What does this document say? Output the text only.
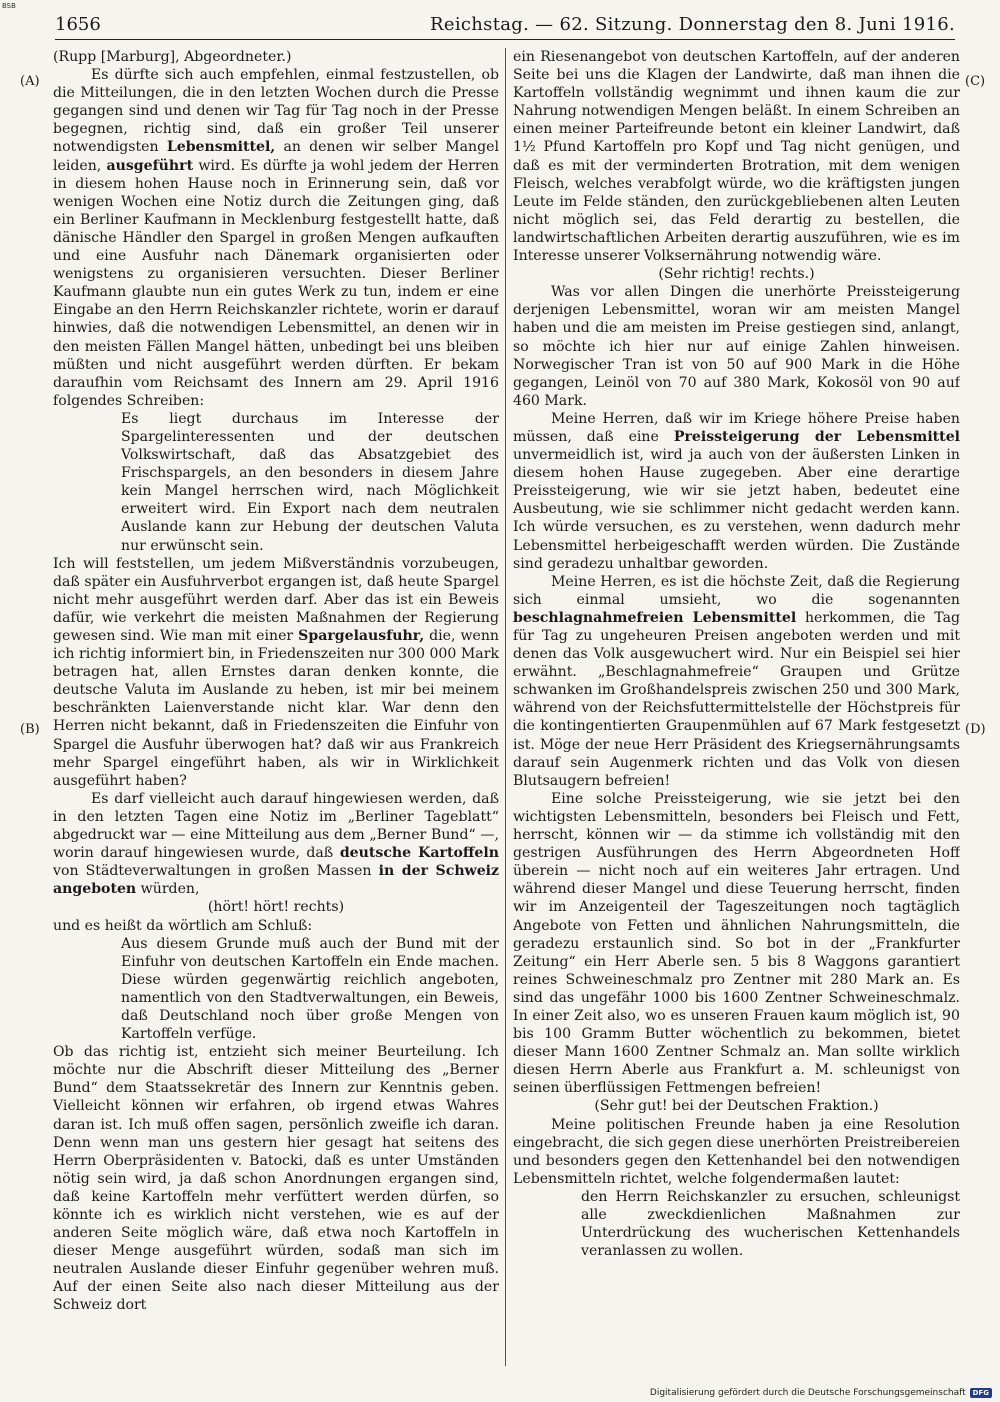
BSB
1656	Reichstag. — 62. Sitzung. Donnerstag den 8. Juni 1916.
(A)
(B)
(C)
(D)

(Rupp [Marburg], Abgeordneter.)

Es dürfte sich auch empfehlen, einmal festzustellen, ob die Mitteilungen, die in den letzten Wochen durch die Presse gegangen sind und denen wir Tag für Tag noch in der Presse begegnen, richtig sind, daß ein großer Teil unserer notwendigsten Lebensmittel, an denen wir selber Mangel leiden, ausgeführt wird. Es dürfte ja wohl jedem der Herren in diesem hohen Hause noch in Erinnerung sein, daß vor wenigen Wochen eine Notiz durch die Zeitungen ging, daß ein Berliner Kaufmann in Mecklenburg festgestellt hatte, daß dänische Händler den Spargel in großen Mengen aufkauften und eine Ausfuhr nach Dänemark organisierten oder wenigstens zu organisieren versuchten. Dieser Berliner Kaufmann glaubte nun ein gutes Werk zu tun, indem er eine Eingabe an den Herrn Reichskanzler richtete, worin er darauf hinwies, daß die notwendigen Lebensmittel, an denen wir in den meisten Fällen Mangel hätten, unbedingt bei uns bleiben müßten und nicht ausgeführt werden dürften. Er bekam daraufhin vom Reichsamt des Innern am 29. April 1916 folgendes Schreiben:

Es liegt durchaus im Interesse der Spargelinteressenten und der deutschen Volkswirtschaft, daß das Absatzgebiet des Frischspargels, an den besonders in diesem Jahre kein Mangel herrschen wird, nach Möglichkeit erweitert wird. Ein Export nach dem neutralen Auslande kann zur Hebung der deutschen Valuta nur erwünscht sein.

Ich will feststellen, um jedem Mißverständnis vorzubeugen, daß später ein Ausfuhrverbot ergangen ist, daß heute Spargel nicht mehr ausgeführt werden darf. Aber das ist ein Beweis dafür, wie verkehrt die meisten Maßnahmen der Regierung gewesen sind. Wie man mit einer Spargelausfuhr, die, wenn ich richtig informiert bin, in Friedenszeiten nur 300 000 Mark betragen hat, allen Ernstes daran denken konnte, die deutsche Valuta im Auslande zu heben, ist mir bei meinem beschränkten Laienverstande nicht klar. War denn den Herren nicht bekannt, daß in Friedenszeiten die Einfuhr von Spargel die Ausfuhr überwogen hat? daß wir aus Frankreich mehr Spargel eingeführt haben, als wir in Wirklichkeit ausgeführt haben?

Es darf vielleicht auch darauf hingewiesen werden, daß in den letzten Tagen eine Notiz im „Berliner Tageblatt“ abgedruckt war — eine Mitteilung aus dem „Berner Bund“ —, worin darauf hingewiesen wurde, daß deutsche Kartoffeln von Städteverwaltungen in großen Massen in der Schweiz angeboten würden,

(hört! hört! rechts)

und es heißt da wörtlich am Schluß:

Aus diesem Grunde muß auch der Bund mit der Einfuhr von deutschen Kartoffeln ein Ende machen. Diese würden gegenwärtig reichlich angeboten, namentlich von den Stadtverwaltungen, ein Beweis, daß Deutschland noch über große Mengen von Kartoffeln verfüge.

Ob das richtig ist, entzieht sich meiner Beurteilung. Ich möchte nur die Abschrift dieser Mitteilung des „Berner Bund“ dem Staatssekretär des Innern zur Kenntnis geben. Vielleicht können wir erfahren, ob irgend etwas Wahres daran ist. Ich muß offen sagen, persönlich zweifle ich daran. Denn wenn man uns gestern hier gesagt hat seitens des Herrn Oberpräsidenten v. Batocki, daß es unter Umständen nötig sein wird, ja daß schon Anordnungen ergangen sind, daß keine Kartoffeln mehr verfüttert werden dürfen, so könnte ich es wirklich nicht verstehen, wie es auf der anderen Seite möglich wäre, daß etwa noch Kartoffeln in dieser Menge ausgeführt würden, sodaß man sich im neutralen Auslande dieser Einfuhr gegenüber wehren muß. Auf der einen Seite also nach dieser Mitteilung aus der Schweiz dort

ein Riesenangebot von deutschen Kartoffeln, auf der anderen Seite bei uns die Klagen der Landwirte, daß man ihnen die Kartoffeln vollständig wegnimmt und ihnen kaum die zur Nahrung notwendigen Mengen beläßt. In einem Schreiben an einen meiner Parteifreunde betont ein kleiner Landwirt, daß 1½ Pfund Kartoffeln pro Kopf und Tag nicht genügen, und daß es mit der verminderten Brotration, mit dem wenigen Fleisch, welches verabfolgt würde, wo die kräftigsten jungen Leute im Felde ständen, den zurückgebliebenen alten Leuten nicht möglich sei, das Feld derartig zu bestellen, die landwirtschaftlichen Arbeiten derartig auszuführen, wie es im Interesse unserer Volksernährung notwendig wäre.

(Sehr richtig! rechts.)

Was vor allen Dingen die unerhörte Preissteigerung derjenigen Lebensmittel, woran wir am meisten Mangel haben und die am meisten im Preise gestiegen sind, anlangt, so möchte ich hier nur auf einige Zahlen hinweisen. Norwegischer Tran ist von 50 auf 900 Mark in die Höhe gegangen, Leinöl von 70 auf 380 Mark, Kokosöl von 90 auf 460 Mark.

Meine Herren, daß wir im Kriege höhere Preise haben müssen, daß eine Preissteigerung der Lebensmittel unvermeidlich ist, wird ja auch von der äußersten Linken in diesem hohen Hause zugegeben. Aber eine derartige Preissteigerung, wie wir sie jetzt haben, bedeutet eine Ausbeutung, wie sie schlimmer nicht gedacht werden kann. Ich würde versuchen, es zu verstehen, wenn dadurch mehr Lebensmittel herbeigeschafft werden würden. Die Zustände sind geradezu unhaltbar geworden.

Meine Herren, es ist die höchste Zeit, daß die Regierung sich einmal umsieht, wo die sogenannten beschlagnahmefreien Lebensmittel herkommen, die Tag für Tag zu ungeheuren Preisen angeboten werden und mit denen das Volk ausgewuchert wird. Nur ein Beispiel sei hier erwähnt. „Beschlagnahmefreie“ Graupen und Grütze schwanken im Großhandelspreis zwischen 250 und 300 Mark, während von der Reichsfuttermittelstelle der Höchstpreis für die kontingentierten Graupenmühlen auf 67 Mark festgesetzt ist. Möge der neue Herr Präsident des Kriegsernährungsamts darauf sein Augenmerk richten und das Volk von diesen Blutsaugern befreien!

Eine solche Preissteigerung, wie sie jetzt bei den wichtigsten Lebensmitteln, besonders bei Fleisch und Fett, herrscht, können wir — da stimme ich vollständig mit den gestrigen Ausführungen des Herrn Abgeordneten Hoff überein — nicht noch auf ein weiteres Jahr ertragen. Und während dieser Mangel und diese Teuerung herrscht, finden wir im Anzeigenteil der Tageszeitungen noch tagtäglich Angebote von Fetten und ähnlichen Nahrungsmitteln, die geradezu erstaunlich sind. So bot in der „Frankfurter Zeitung“ ein Herr Aberle sen. 5 bis 8 Waggons garantiert reines Schweineschmalz pro Zentner mit 280 Mark an. Es sind das ungefähr 1000 bis 1600 Zentner Schweineschmalz. In einer Zeit also, wo es unseren Frauen kaum möglich ist, 90 bis 100 Gramm Butter wöchentlich zu bekommen, bietet dieser Mann 1600 Zentner Schmalz an. Man sollte wirklich diesen Herrn Aberle aus Frankfurt a. M. schleunigst von seinen überflüssigen Fettmengen befreien!

(Sehr gut! bei der Deutschen Fraktion.)

Meine politischen Freunde haben ja eine Resolution eingebracht, die sich gegen diese unerhörten Preistreibereien und besonders gegen den Kettenhandel bei den notwendigen Lebensmitteln richtet, welche folgendermaßen lautet:

den Herrn Reichskanzler zu ersuchen, schleunigst alle zweckdienlichen Maßnahmen zur Unterdrückung des wucherischen Kettenhandels veranlassen zu wollen.

Digitalisierung gefördert durch die Deutsche Forschungsgemeinschaft	DFG
